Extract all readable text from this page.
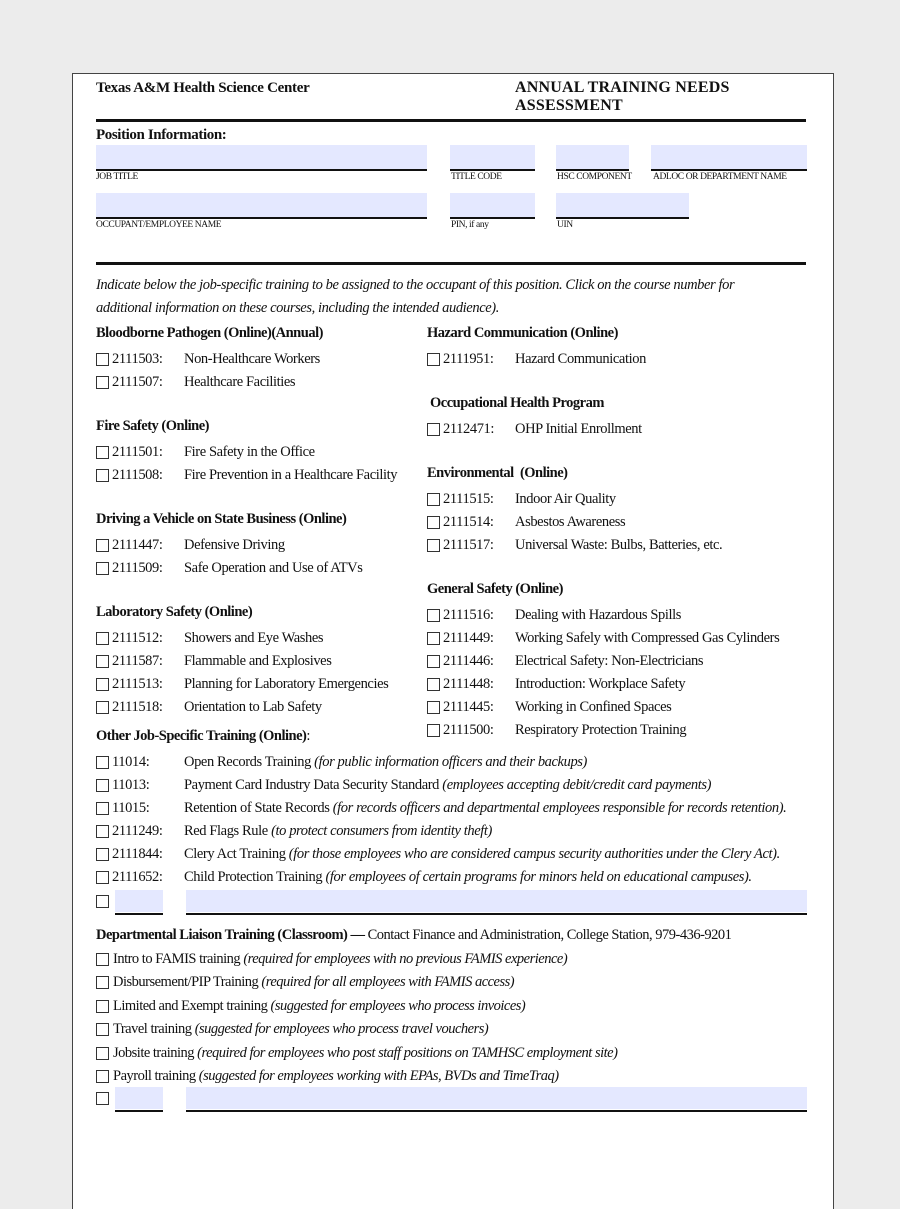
Texas A&M Health Science Center	ANNUAL TRAINING NEEDS ASSESSMENT
Position Information:
JOB TITLE	TITLE CODE	HSC COMPONENT ADLOC OR DEPARTMENT NAME
OCCUPANT/EMPLOYEE NAME	PIN, if any	UIN
Indicate below the job-specific training to be assigned to the occupant of this position. Click on the course number for additional information on these courses, including the intended audience).
Bloodborne Pathogen (Online)(Annual)
2111503:	Non-Healthcare Workers
2111507:	Healthcare Facilities
Fire Safety (Online)
2111501:	Fire Safety in the Office
2111508:	Fire Prevention in a Healthcare Facility
Driving a Vehicle on State Business (Online)
2111447:	Defensive Driving
2111509:	Safe Operation and Use of ATVs
Laboratory Safety (Online)
2111512:	Showers and Eye Washes
2111587:	Flammable and Explosives
2111513:	Planning for Laboratory Emergencies
2111518:	Orientation to Lab Safety
Hazard Communication (Online)
2111951:	Hazard Communication
Occupational Health Program
2112471:	OHP Initial Enrollment
Environmental (Online)
2111515:	Indoor Air Quality
2111514:	Asbestos Awareness
2111517:	Universal Waste: Bulbs, Batteries, etc.
General Safety (Online)
2111516:	Dealing with Hazardous Spills
2111449:	Working Safely with Compressed Gas Cylinders
2111446:	Electrical Safety: Non-Electricians
2111448:	Introduction: Workplace Safety
2111445:	Working in Confined Spaces
2111500:	Respiratory Protection Training
Other Job-Specific Training (Online):
11014:	Open Records Training
(for public information officers and their backups)
11013:	Payment Card Industry Data Security Standard
(employees accepting debit/credit card payments)
11015:	Retention of State Records
(for records officers and departmental employees responsible for records retention).
2111249:	Red Flags Rule
(to protect consumers from identity theft)
2111844:	Clery Act Training
(for those employees who are considered campus security authorities under the Clery Act).
2111652:	Child Protection Training
(for employees of certain programs for minors held on educational campuses).
Departmental Liaison Training (Classroom) —
Contact Finance and Administration, College Station, 979-436-9201
Intro to FAMIS training
(required for employees with no previous FAMIS experience)
Disbursement/PIP Training
(required for all employees with FAMIS access)
Limited and Exempt training
(suggested for employees who process invoices)
Travel training
(suggested for employees who process travel vouchers)
Jobsite training
(required for employees who post staff positions on TAMHSC employment site)
Payroll training
(suggested for employees working with EPAs, BVDs and TimeTraq)
